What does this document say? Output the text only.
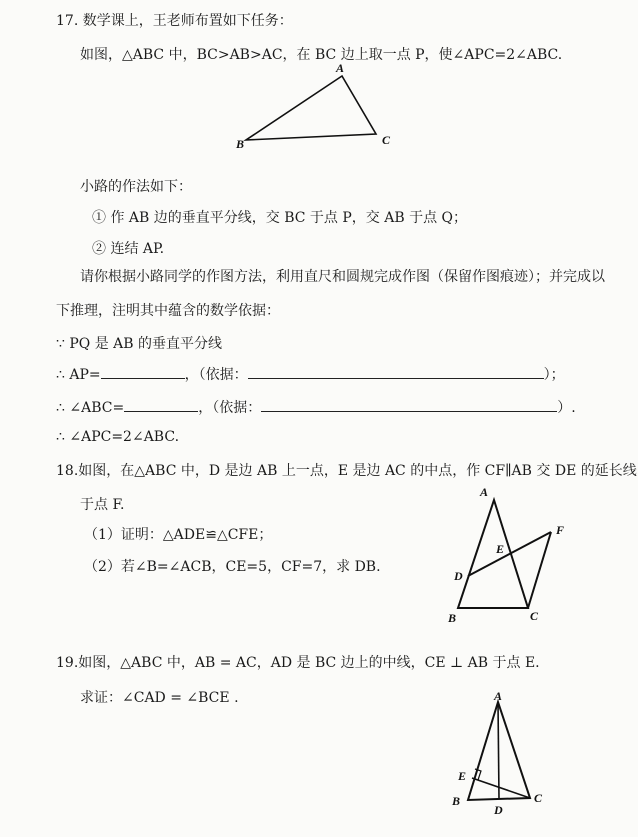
17. 数学课上，王老师布置如下任务：
如图，△ABC 中，BC>AB>AC，在 BC 边上取一点 P，使∠APC=2∠ABC.
A
B	C
小路的作法如下：
① 作 AB 边的垂直平分线，交 BC 于点 P，交 AB 于点 Q；
② 连结 AP.
请你根据小路同学的作图方法，利用直尺和圆规完成作图（保留作图痕迹）；并完成以
下推理，注明其中蕴含的数学依据：
∵ PQ 是 AB 的垂直平分线
∴ AP=	，（依据：	）；
∴ ∠ABC=	，（依据：	）.
∴ ∠APC=2∠ABC.
18.如图，在△ABC 中，D 是边 AB 上一点，E 是边 AC 的中点，作 CF∥AB 交 DE 的延长线
于点 F.
（1）证明：△ADE≌△CFE；
（2）若∠B=∠ACB，CE=5，CF=7，求 DB.
A
B	C
D
E
F
19.如图，△ABC 中，AB = AC，AD 是 BC 边上的中线，CE ⊥ AB 于点 E.
求证：∠CAD = ∠BCE .	A
B	C
D
E
